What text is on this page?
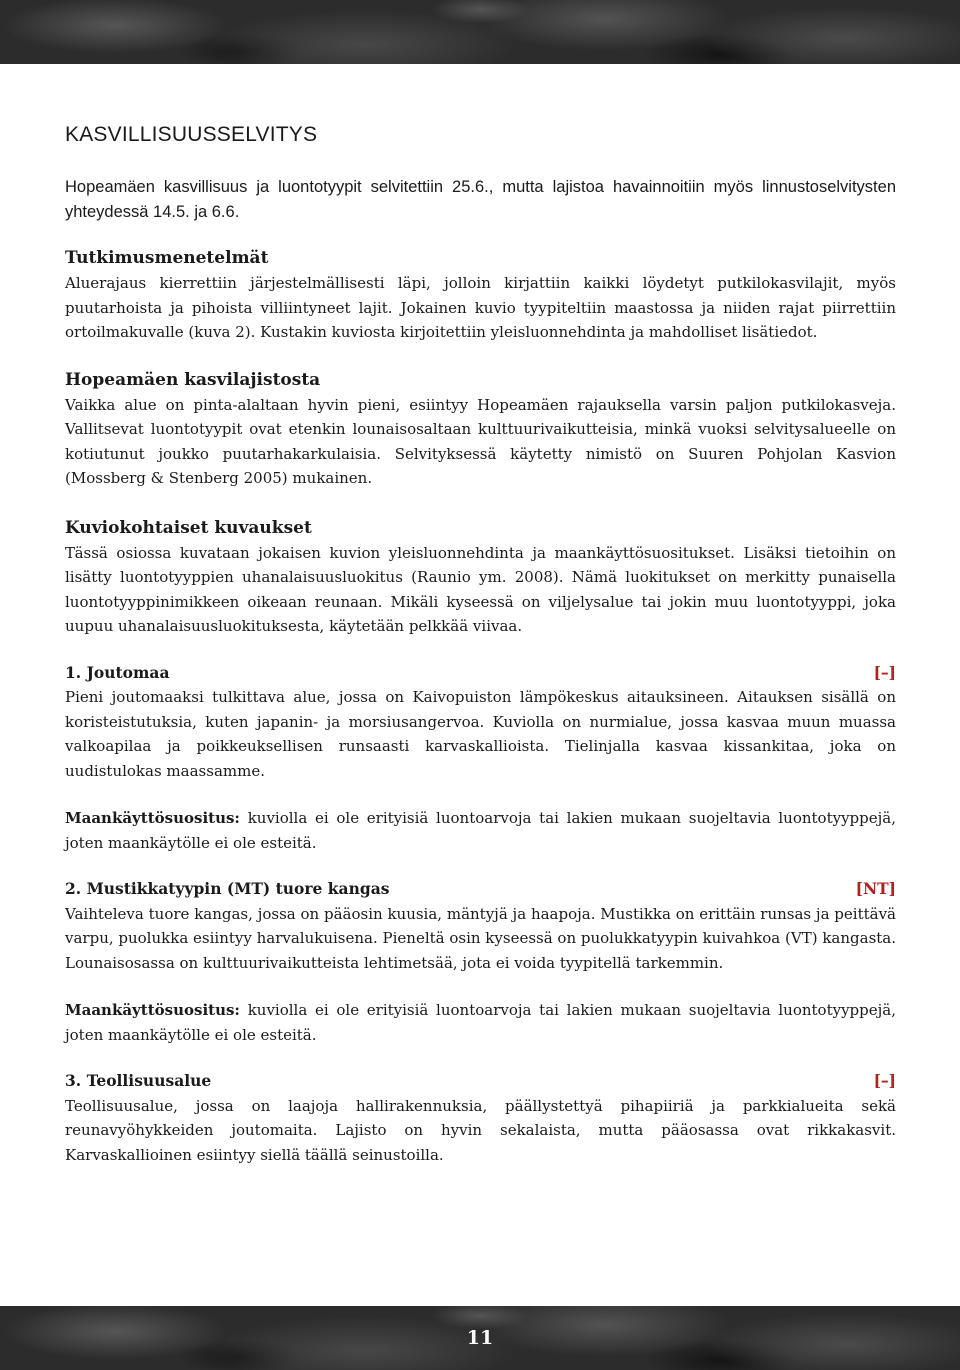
KASVILLISUUSSELVITYS

Hopeamäen kasvillisuus ja luontotyypit selvitettiin 25.6., mutta lajistoa havainnoitiin myös linnustoselvitysten yhteydessä 14.5. ja 6.6.

Tutkimusmenetelmät

Aluerajaus kierrettiin järjestelmällisesti läpi, jolloin kirjattiin kaikki löydetyt putkilokasvilajit, myös puutarhoista ja pihoista villiintyneet lajit. Jokainen kuvio tyypiteltiin maastossa ja niiden rajat piirrettiin ortoilmakuvalle (kuva 2). Kustakin kuviosta kirjoitettiin yleisluonnehdinta ja mahdolliset lisätiedot.

Hopeamäen kasvilajistosta

Vaikka alue on pinta-alaltaan hyvin pieni, esiintyy Hopeamäen rajauksella varsin paljon putkilokasveja. Vallitsevat luontotyypit ovat etenkin lounaisosaltaan kulttuurivaikutteisia, minkä vuoksi selvitysalueelle on kotiutunut joukko puutarhakarkulaisia. Selvityksessä käytetty nimistö on Suuren Pohjolan Kasvion (Mossberg & Stenberg 2005) mukainen.

Kuviokohtaiset kuvaukset

Tässä osiossa kuvataan jokaisen kuvion yleisluonnehdinta ja maankäyttösuositukset. Lisäksi tietoihin on lisätty luontotyyppien uhanalaisuusluokitus (Raunio ym. 2008). Nämä luokitukset on merkitty punaisella luontotyyppinimikkeen oikeaan reunaan. Mikäli kyseessä on viljelysalue tai jokin muu luontotyyppi, joka uupuu uhanalaisuusluokituksesta, käytetään pelkkää viivaa.

1. Joutomaa	[–]

Pieni joutomaaksi tulkittava alue, jossa on Kaivopuiston lämpökeskus aitauksineen. Aitauksen sisällä on koristeistutuksia, kuten japanin- ja morsiusangervoa. Kuviolla on nurmialue, jossa kasvaa muun muassa valkoapilaa ja poikkeuksellisen runsaasti karvaskallioista. Tielinjalla kasvaa kissankitaa, joka on uudistulokas maassamme.

Maankäyttösuositus: kuviolla ei ole erityisiä luontoarvoja tai lakien mukaan suojeltavia luontotyyppejä, joten maankäytölle ei ole esteitä.

2. Mustikkatyypin (MT) tuore kangas	[NT]

Vaihteleva tuore kangas, jossa on pääosin kuusia, mäntyjä ja haapoja. Mustikka on erittäin runsas ja peittävä varpu, puolukka esiintyy harvalukuisena. Pieneltä osin kyseessä on puolukkatyypin kuivahkoa (VT) kangasta. Lounaisosassa on kulttuurivaikutteista lehtimetsää, jota ei voida tyypitellä tarkemmin.

Maankäyttösuositus: kuviolla ei ole erityisiä luontoarvoja tai lakien mukaan suojeltavia luontotyyppejä, joten maankäytölle ei ole esteitä.

3. Teollisuusalue	[–]

Teollisuusalue, jossa on laajoja hallirakennuksia, päällystettyä pihapiiriä ja parkkialueita sekä reunavyöhykkeiden joutomaita. Lajisto on hyvin sekalaista, mutta pääosassa ovat rikkakasvit. Karvaskallioinen esiintyy siellä täällä seinustoilla.

11
